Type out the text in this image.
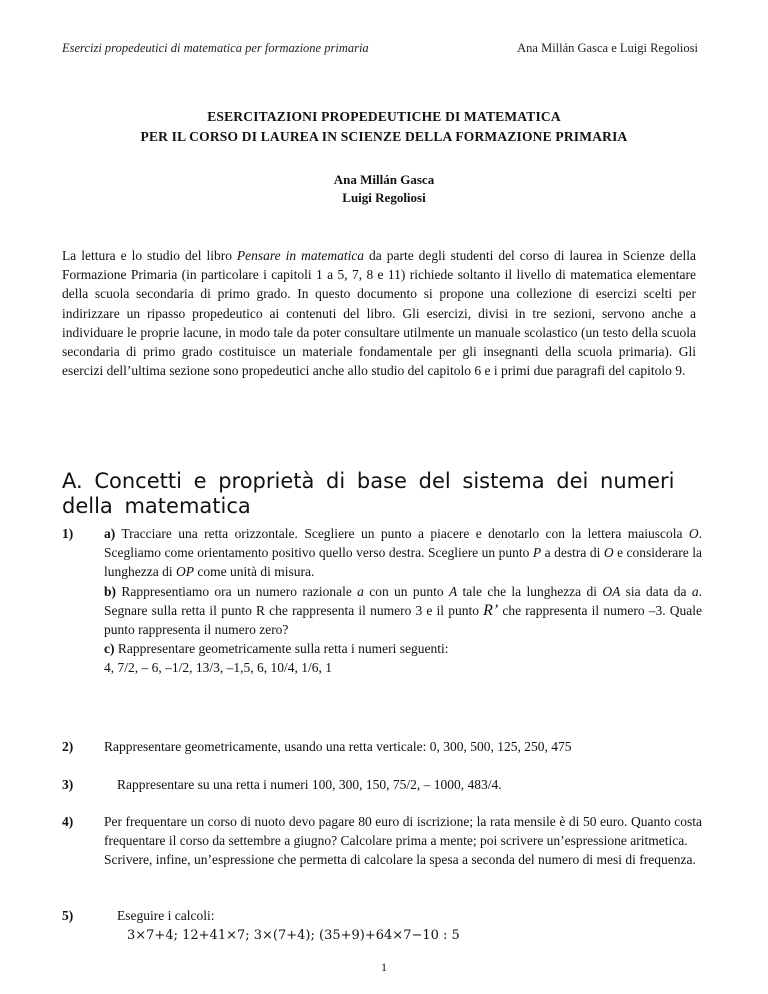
Esercizi propedeutici di matematica per formazione primaria	Ana Millán Gasca e Luigi Regoliosi
ESERCITAZIONI PROPEDEUTICHE DI MATEMATICA
PER IL CORSO DI LAUREA IN SCIENZE DELLA FORMAZIONE PRIMARIA
Ana Millán Gasca
Luigi Regoliosi
La lettura e lo studio del libro Pensare in matematica da parte degli studenti del corso di laurea in Scienze della Formazione Primaria (in particolare i capitoli 1 a 5, 7, 8 e 11) richiede soltanto il livello di matematica elementare della scuola secondaria di primo grado. In questo documento si propone una collezione di esercizi scelti per indirizzare un ripasso propedeutico ai contenuti del libro. Gli esercizi, divisi in tre sezioni, servono anche a individuare le proprie lacune, in modo tale da poter consultare utilmente un manuale scolastico (un testo della scuola secondaria di primo grado costituisce un materiale fondamentale per gli insegnanti della scuola primaria). Gli esercizi dell’ultima sezione sono propedeutici anche allo studio del capitolo 6 e i primi due paragrafi del capitolo 9.
A. Concetti e proprietà di base del sistema dei numeri della matematica
1) a) Tracciare una retta orizzontale. Scegliere un punto a piacere e denotarlo con la lettera maiuscola O. Scegliamo come orientamento positivo quello verso destra. Scegliere un punto P a destra di O e considerare la lunghezza di OP come unità di misura.
b) Rappresentiamo ora un numero razionale a con un punto A tale che la lunghezza di OA sia data da a. Segnare sulla retta il punto R che rappresenta il numero 3 e il punto R’ che rappresenta il numero –3. Quale punto rappresenta il numero zero?
c) Rappresentare geometricamente sulla retta i numeri seguenti:
4, 7/2, – 6, –1/2, 13/3, –1,5, 6, 10/4, 1/6, 1
2) Rappresentare geometricamente, usando una retta verticale: 0, 300, 500, 125, 250, 475
3)	Rappresentare su una retta i numeri 100, 300, 150, 75/2, – 1000, 483/4.
4) Per frequentare un corso di nuoto devo pagare 80 euro di iscrizione; la rata mensile è di 50 euro. Quanto costa frequentare il corso da settembre a giugno? Calcolare prima a mente; poi scrivere un’espressione aritmetica.
Scrivere, infine, un’espressione che permetta di calcolare la spesa a seconda del numero di mesi di frequenza.
5)	Eseguire i calcoli:
3×7+4; 12+41×7; 3×(7+4); (35+9)+64×7−10 : 5
1
